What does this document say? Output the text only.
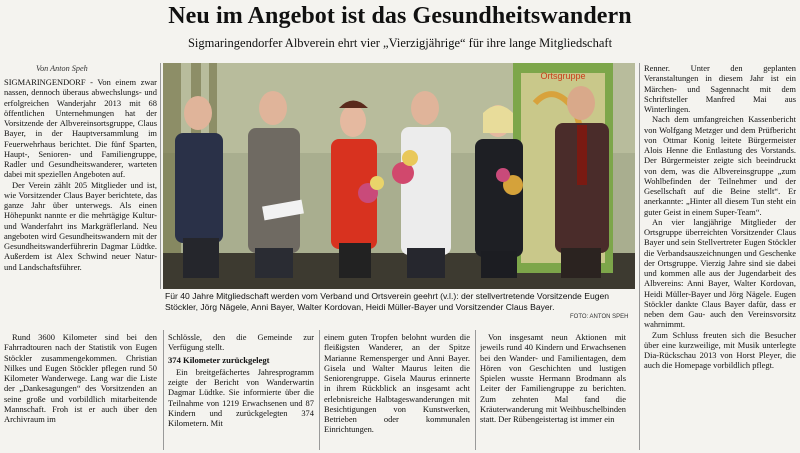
Neu im Angebot ist das Gesundheitswandern
Sigmaringendorfer Albverein ehrt vier „Vierzigjährige“ für ihre lange Mitgliedschaft
Von Anton Speh

SIGMARINGENDORF - Von einem zwar nassen, dennoch überaus abwechslungs- und erfolgreichen Wanderjahr 2013 mit 68 öffentlichen Unternehmungen hat der Vorsitzende der Albvereinsortsgruppe, Claus Bayer, in der Hauptversammlung im Feuerwehrhaus berichtet. Die fünf Sparten, Haupt-, Senioren- und Familiengruppe, Radler und Gesundheitswanderer, warteten dabei mit speziellen Angeboten auf.

Der Verein zählt 205 Mitglieder und ist, wie Vorsitzender Claus Bayer berichtete, das ganze Jahr über unterwegs. Als einen Höhepunkt nannte er die mehrtägige Kultur- und Wanderfahrt ins Markgräflerland. Neu angeboten wird Gesundheitswandern mit der Gesundheitswanderführerin Dagmar Lüdtke. Außerdem ist Alex Schwind neuer Natur- und Landschaftsführer.

Rund 3600 Kilometer sind bei den Fahrradtouren nach der Statistik von Eugen Stöckler zusammengekommen. Christian Nilkes und Eugen Stöckler pflegen rund 50 Kilometer Wanderwege. Lang war die Liste der „Dankesagungen“ des Vorsitzenden an seine große und vorbildlich mitarbeitende Mannschaft. Froh ist er auch über den Archivraum im

Ortsgruppe
Für 40 Jahre Mitgliedschaft werden vom Verband und Ortsverein geehrt (v.l.): der stellvertretende Vorsitzende Eugen Stöckler, Jörg Nägele, Anni Bayer, Walter Kordovan, Heidi Müller-Bayer und Vorsitzender Claus Bayer.
FOTO: ANTON SPEH

Schlössle, den die Gemeinde zur Verfügung stellt.

374 Kilometer zurückgelegt

Ein breitgefächertes Jahresprogramm zeigte der Bericht von Wanderwartin Dagmar Lüdtke. Sie informierte über die Teilnahme von 1219 Erwachsenen und 87 Kindern und zurückgelegten 374 Kilometern. Mit

einem guten Tropfen belohnt wurden die fleißigsten Wanderer, an der Spitze Marianne Remensperger und Anni Bayer. Gisela und Walter Maurus leiten die Seniorengruppe. Gisela Maurus erinnerte in ihrem Rückblick an insgesamt acht erlebnisreiche Halbtageswanderungen mit Besichtigungen von Kunstwerken, Betrieben oder kommunalen Einrichtungen.

Von insgesamt neun Aktionen mit jeweils rund 40 Kindern und Erwachsenen bei den Wander- und Familientagen, dem Hören von Geschichten und lustigen Spielen wusste Hermann Brodmann als Leiter der Familiengruppe zu berichten. Zum zehnten Mal fand die Kräuterwanderung mit Weihbuschelbinden statt. Der Rübengeistertag ist immer ein

Renner. Unter den geplanten Veranstaltungen in diesem Jahr ist ein Märchen- und Sagennacht mit dem Schriftsteller Manfred Mai aus Winterlingen.

Nach dem umfangreichen Kassenbericht von Wolfgang Metzger und dem Prüfbericht von Ottmar Konig leitete Bürgermeister Alois Henne die Entlastung des Vorstands. Der Bürgermeister zeigte sich beeindruckt von dem, was die Albvereinsgruppe „zum Wohlbefinden der Teilnehmer und der Gesellschaft auf die Beine stellt“. Er anerkannte: „Hinter all diesem Tun steht ein guter Geist in einem Super-Team“.

An vier langjährige Mitglieder der Ortsgruppe überreichten Vorsitzender Claus Bayer und sein Stellvertreter Eugen Stöckler die Verbandsauszeichnungen und Geschenke der Ortsgruppe. Vierzig Jahre sind sie dabei und kommen alle aus der Jugendarbeit des Albvereins: Anni Bayer, Walter Kordovan, Heidi Müller-Bayer und Jörg Nägele. Eugen Stöckler dankte Claus Bayer dafür, dass er neben dem Gau- auch den Vereinsvorsitz wahrnimmt.

Zum Schluss freuten sich die Besucher über eine kurzweilige, mit Musik unterlegte Dia-Rückschau 2013 von Horst Pleyer, die auch die Homepage vorbildlich pflegt.
